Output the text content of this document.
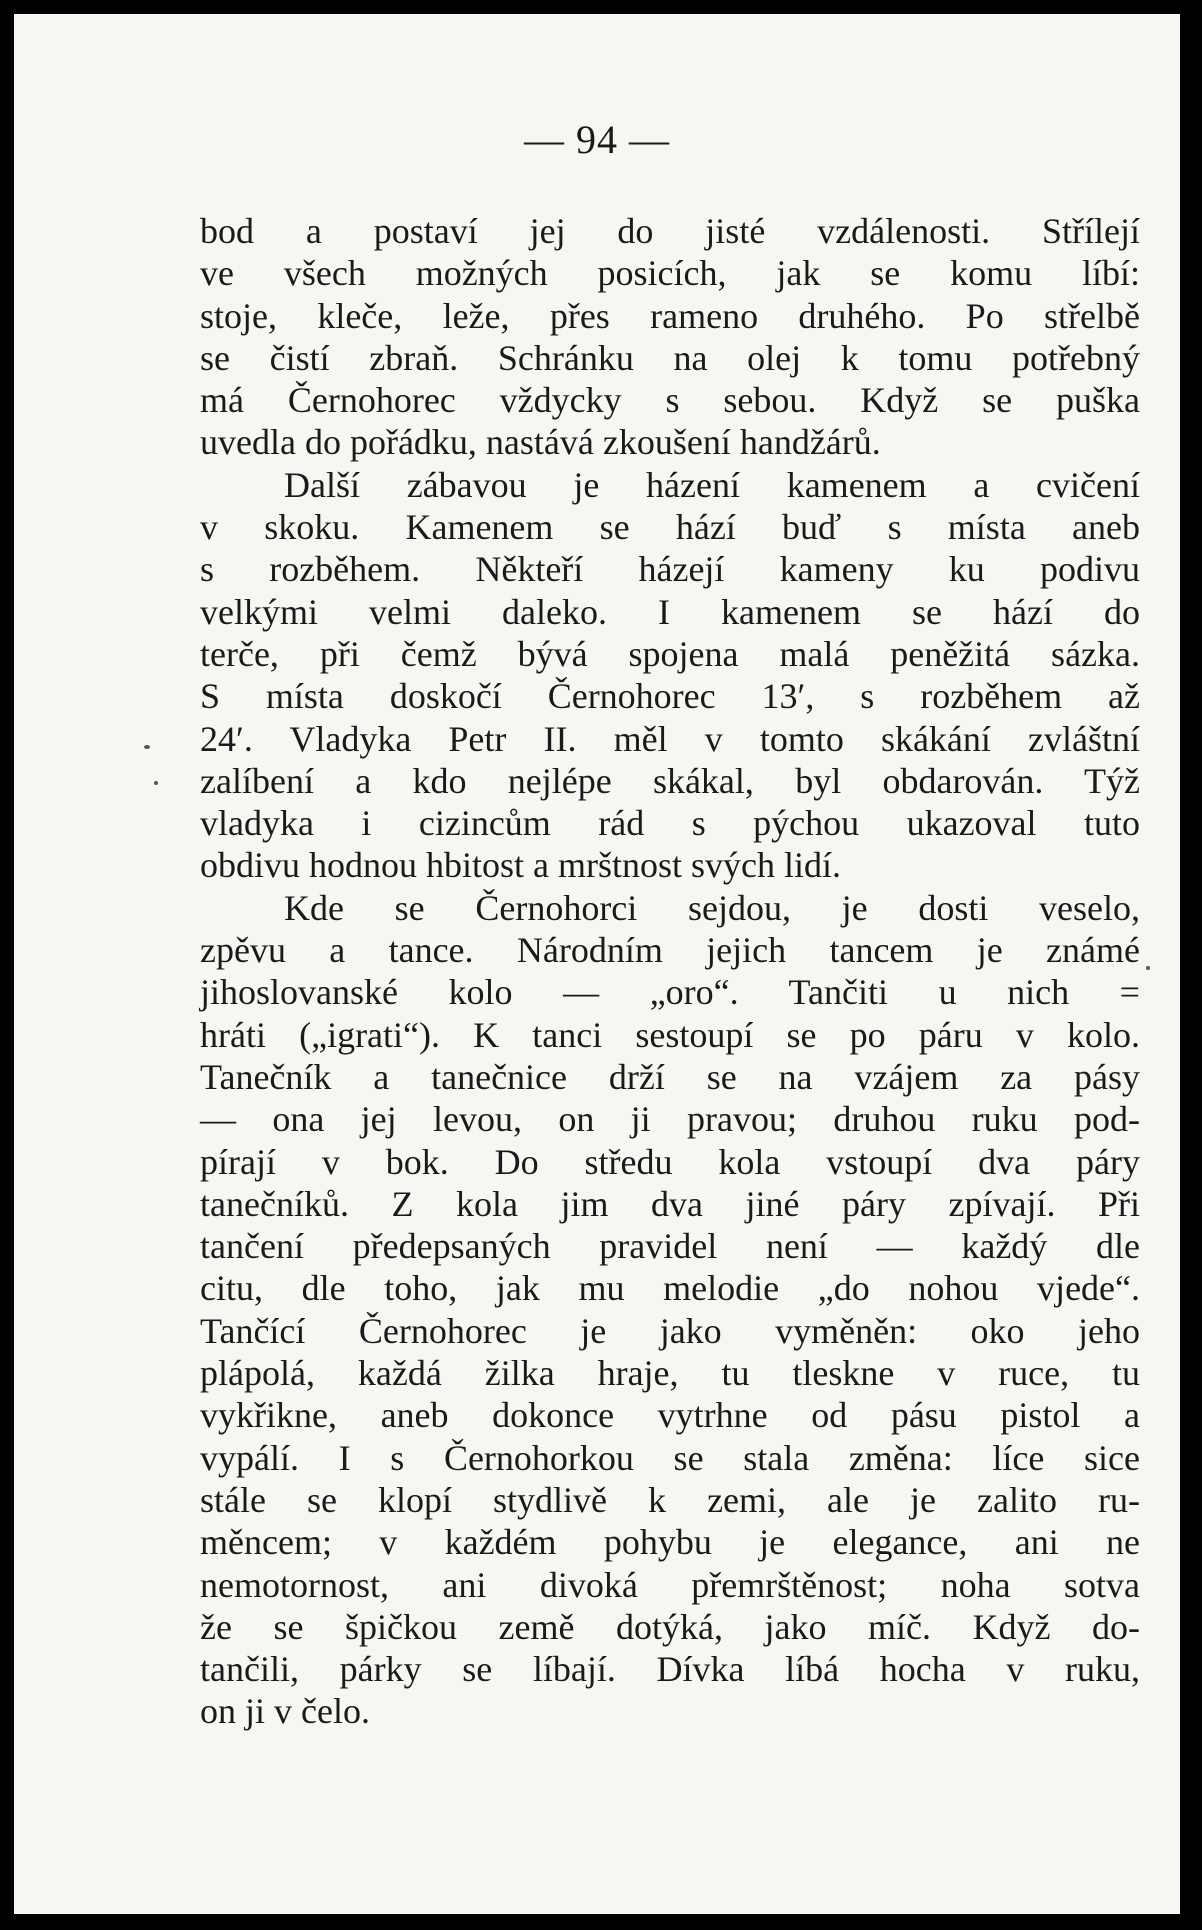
— 94 —
bod a postaví jej do jisté vzdálenosti. Střílejí
ve všech možných posicích, jak se komu líbí:
stoje, kleče, leže, přes rameno druhého. Po střelbě
se čistí zbraň. Schránku na olej k tomu potřebný
má Černohorec vždycky s sebou. Když se puška
uvedla do pořádku, nastává zkoušení handžárů.
Další zábavou je házení kamenem a cvičení
v skoku. Kamenem se hází buď s místa aneb
s rozběhem. Někteří házejí kameny ku podivu
velkými velmi daleko. I kamenem se hází do
terče, při čemž bývá spojena malá peněžitá sázka.
S místa doskočí Černohorec 13′, s rozběhem až
24′. Vladyka Petr II. měl v tomto skákání zvláštní
zalíbení a kdo nejlépe skákal, byl obdarován. Týž
vladyka i cizincům rád s pýchou ukazoval tuto
obdivu hodnou hbitost a mrštnost svých lidí.
Kde se Černohorci sejdou, je dosti veselo,
zpěvu a tance. Národním jejich tancem je známé
jihoslovanské kolo — „oro“. Tančiti u nich =
hráti („igrati“). K tanci sestoupí se po páru v kolo.
Tanečník a tanečnice drží se na vzájem za pásy
— ona jej levou, on ji pravou; druhou ruku pod-
pírají v bok. Do středu kola vstoupí dva páry
tanečníků. Z kola jim dva jiné páry zpívají. Při
tančení předepsaných pravidel není — každý dle
citu, dle toho, jak mu melodie „do nohou vjede“.
Tančící Černohorec je jako vyměněn: oko jeho
plápolá, každá žilka hraje, tu tleskne v ruce, tu
vykřikne, aneb dokonce vytrhne od pásu pistol a
vypálí. I s Černohorkou se stala změna: líce sice
stále se klopí stydlivě k zemi, ale je zalito ru-
měncem; v každém pohybu je elegance, ani ne
nemotornost, ani divoká přemrštěnost; noha sotva
že se špičkou země dotýká, jako míč. Když do-
tančili, párky se líbají. Dívka líbá hocha v ruku,
on ji v čelo.
